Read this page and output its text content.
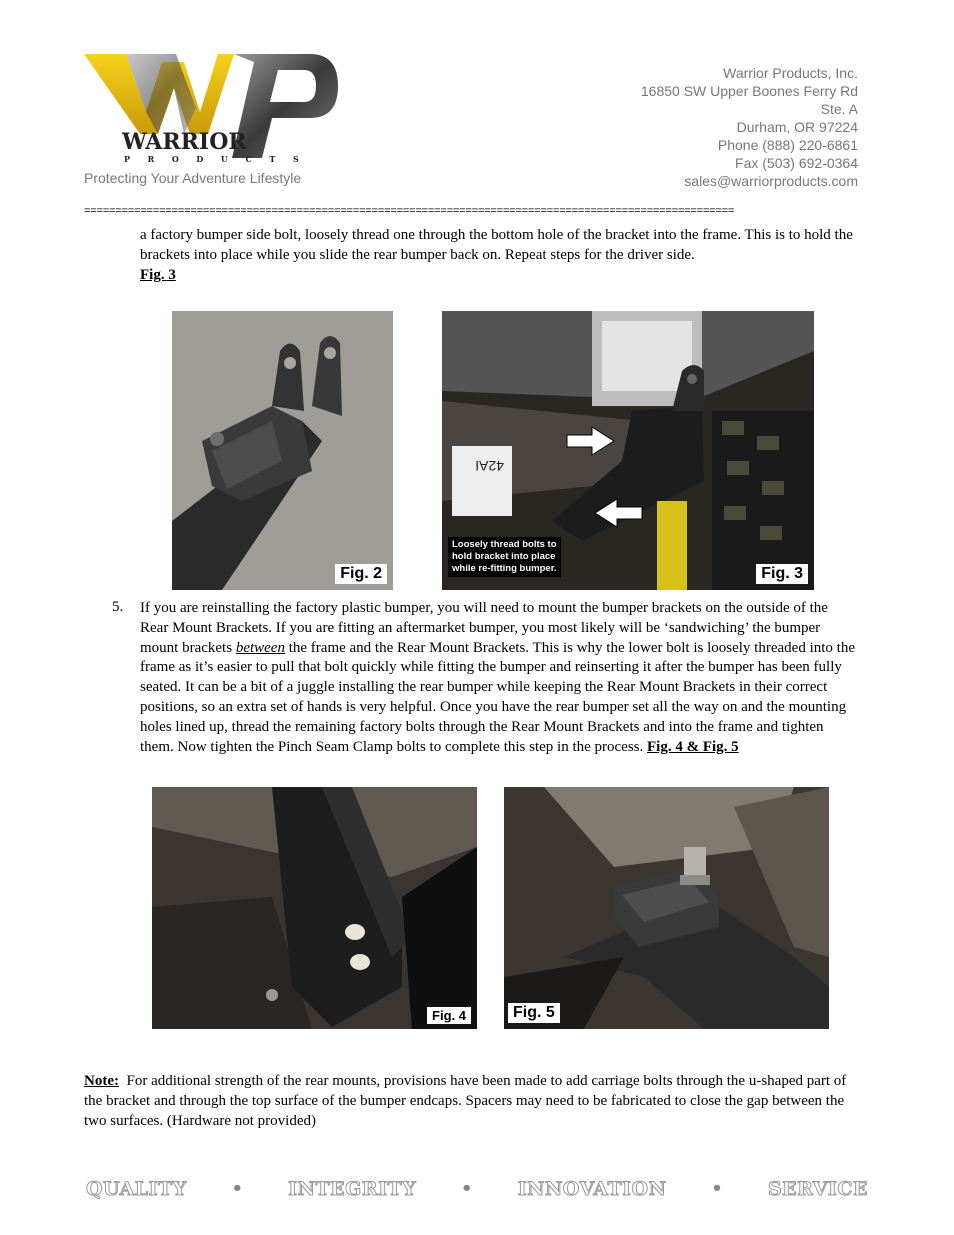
WARRIOR
P R O D U C T S
Protecting Your Adventure Lifestyle
Warrior Products, Inc.
16850 SW Upper Boones Ferry Rd
Ste. A
Durham, OR 97224
Phone (888) 220-6861
Fax (503) 692-0364
sales@warriorproducts.com
========================================================================================================
a factory bumper side bolt, loosely thread one through the bottom hole of the bracket into the frame. This is to hold the brackets into place while you slide the rear bumper back on. Repeat steps for the driver side.
Fig. 3
Fig. 2
42AI
Loosely thread bolts to
hold bracket into place
while re-fitting bumper.	Fig. 3
5. If you are reinstalling the factory plastic bumper, you will need to mount the bumper brackets on the outside of the Rear Mount Brackets. If you are fitting an aftermarket bumper, you most likely will be ‘sandwiching’ the bumper mount brackets between the frame and the Rear Mount Brackets. This is why the lower bolt is loosely threaded into the frame as it’s easier to pull that bolt quickly while fitting the bumper and reinserting it after the bumper has been fully seated. It can be a bit of a juggle installing the rear bumper while keeping the Rear Mount Brackets in their correct positions, so an extra set of hands is very helpful. Once you have the rear bumper set all the way on and the mounting holes lined up, thread the remaining factory bolts through the Rear Mount Brackets and into the frame and tighten them. Now tighten the Pinch Seam Clamp bolts to complete this step in the process. Fig. 4 & Fig. 5
Fig. 4	Fig. 5
Note: For additional strength of the rear mounts, provisions have been made to add carriage bolts through the u-shaped part of the bracket and through the top surface of the bumper endcaps. Spacers may need to be fabricated to close the gap between the two surfaces. (Hardware not provided)
QUALITY • INTEGRITY • INNOVATION • SERVICE
